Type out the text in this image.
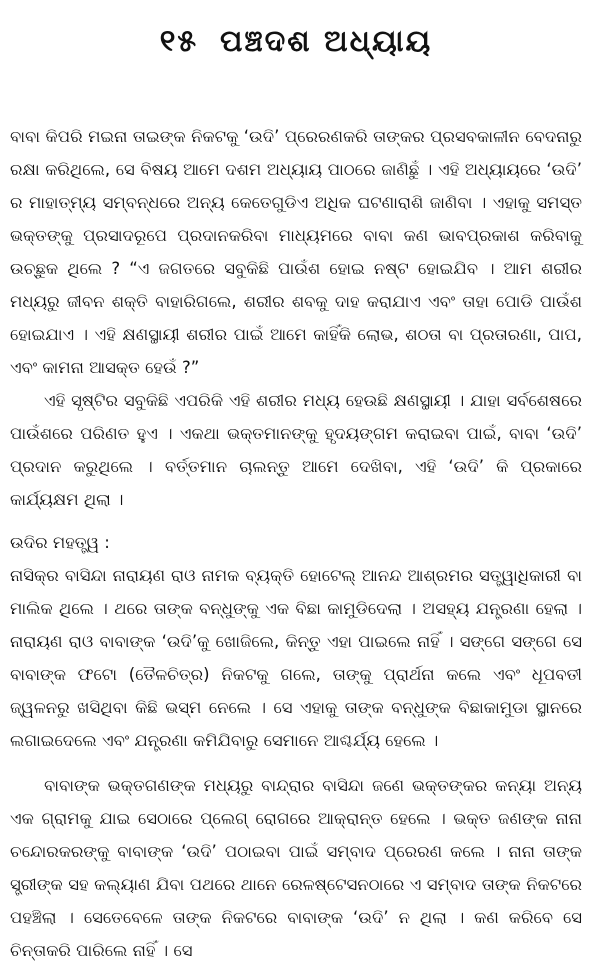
୧୫ ପଞ୍ଚଦଶ ଅଧ୍ୟାୟ

ବାବା କିପରି ମଇନା ତାଇଙ୍କ ନିକଟକୁ ‘ଉଦି’ ପ୍ରେରଣକରି ତାଙ୍କର ପ୍ରସବକାଳୀନ ବେଦନାରୁ ରକ୍ଷା କରିଥିଲେ, ସେ ବିଷୟ ଆମେ ଦଶମ ଅଧ୍ୟାୟ ପାଠରେ ଜାଣିଛୁଁ । ଏହି ଅଧ୍ୟାୟରେ ‘ଉଦି’ ର ମାହାତ୍ମ୍ୟ ସମ୍ବନ୍ଧରେ ଅନ୍ୟ କେତେଗୁଡିଏ ଅଧିକ ଘଟଣାରାଶି ଜାଣିବା । ଏହାକୁ ସମସ୍ତ ଭକ୍ତଙ୍କୁ ପ୍ରସାଦରୂପେ ପ୍ରଦାନକରିବା ମାଧ୍ୟମରେ ବାବା କଣ ଭାବପ୍ରକାଶ କରିବାକୁ ଉଚ୍ଛୁକ ଥିଲେ ? “ଏ ଜଗତରେ ସବୁକିଛି ପାଉଁଶ ହୋଇ ନଷ୍ଟ ହୋଇଯିବ । ଆମ ଶରୀର ମଧ୍ୟରୁ ଜୀବନ ଶକ୍ତି ବାହାରିଗଲେ, ଶରୀର ଶବକୁ ଦାହ କରାଯାଏ ଏବଂ ତାହା ପୋଡି ପାଉଁଶ ହୋଇଯାଏ । ଏହି କ୍ଷଣସ୍ଥାୟୀ ଶରୀର ପାଇଁ ଆମେ କାହିଁକି ଲୋଭ, ଶଠତା ବା ପ୍ରତାରଣା, ପାପ, ଏବଂ କାମନା ଆସକ୍ତ ହେଉଁ ?”

ଏହି ସୃଷ୍ଟିର ସବୁକିଛି ଏପରିକି ଏହି ଶରୀର ମଧ୍ୟ ହେଉଛି କ୍ଷଣସ୍ଥାୟୀ । ଯାହା ସର୍ବଶେଷରେ ପାଉଁଶରେ ପରିଣତ ହୁଏ । ଏକଥା ଭକ୍ତମାନଙ୍କୁ ହୃଦୟଙ୍ଗମ କରାଇବା ପାଇଁ, ବାବା ‘ଉଦି’ ପ୍ରଦାନ କରୁଥିଲେ । ବର୍ତ୍ତମାନ ଚାଲନ୍ତୁ ଆମେ ଦେଖିବା, ଏହି ‘ଉଦି’ କି ପ୍ରକାରେ କାର୍ଯ୍ୟକ୍ଷମ ଥିଲା ।

ଉଦିର ମହତ୍ତ୍ୱ :

ନାସିକ୍‌ର ବାସିନ୍ଦା ନାରାୟଣ ରାଓ ନାମକ ବ୍ୟକ୍ତି ହୋଟେଲ୍ ଆନନ୍ଦ ଆଶ୍ରମର ସତ୍ତ୍ୱାଧିକାରୀ ବା ମାଲିକ ଥିଲେ । ଥରେ ତାଙ୍କ ବନ୍ଧୁଙ୍କୁ ଏକ ବିଛା କାମୁଡିଦେଲା । ଅସହ୍ୟ ଯନ୍ତ୍ରଣା ହେଲା । ନାରାୟଣ ରାଓ ବାବାଙ୍କ ‘ଉଦି’କୁ ଖୋଜିଲେ, କିନ୍ତୁ ଏହା ପାଇଲେ ନାହିଁ । ସଙ୍ଗେ ସଙ୍ଗେ ସେ ବାବାଙ୍କ ଫଟୋ (ତୈଳଚିତ୍ର) ନିକଟକୁ ଗଲେ, ତାଙ୍କୁ ପ୍ରାର୍ଥନା କଲେ ଏବଂ ଧୂପବତୀ ଜ୍ୱଳନରୁ ଖସିଥିବା କିଛି ଭସ୍ମ ନେଲେ । ସେ ଏହାକୁ ତାଙ୍କ ବନ୍ଧୁଙ୍କ ବିଛାକାମୁଡା ସ୍ଥାନରେ ଲଗାଇଦେଲେ ଏବଂ ଯନ୍ତ୍ରଣା କମିଯିବାରୁ ସେମାନେ ଆଶ୍ଚର୍ଯ୍ୟ ହେଲେ ।

ବାବାଙ୍କ ଭକ୍ତଗଣଙ୍କ ମଧ୍ୟରୁ ବାନ୍ଦ୍ରାର ବାସିନ୍ଦା ଜଣେ ଭକ୍ତଙ୍କର କନ୍ୟା ଅନ୍ୟ ଏକ ଗ୍ରାମକୁ ଯାଇ ସେଠାରେ ପ୍ଲେଗ୍ ରୋଗରେ ଆକ୍ରାନ୍ତ ହେଲେ । ଭକ୍ତ ଜଣଙ୍କ ନାନା ଚନ୍ଦୋରକରଙ୍କୁ ବାବାଙ୍କ ‘ଉଦି’ ପଠାଇବା ପାଇଁ ସମ୍ବାଦ ପ୍ରେରଣ କଲେ । ନାନା ତାଙ୍କ ସ୍ତ୍ରୀଙ୍କ ସହ କଲ୍ୟାଣ ଯିବା ପଥରେ ଥାନେ ରେଳଷ୍ଟେସନଠାରେ ଏ ସମ୍ବାଦ ତାଙ୍କ ନିକଟରେ ପହଞ୍ଚିଲା । ସେତେବେଳେ ତାଙ୍କ ନିକଟରେ ବାବାଙ୍କ ‘ଉଦି’ ନ ଥିଲା । କଣ କରିବେ ସେ ଚିନ୍ତାକରି ପାରିଲେ ନାହିଁ । ସେ
